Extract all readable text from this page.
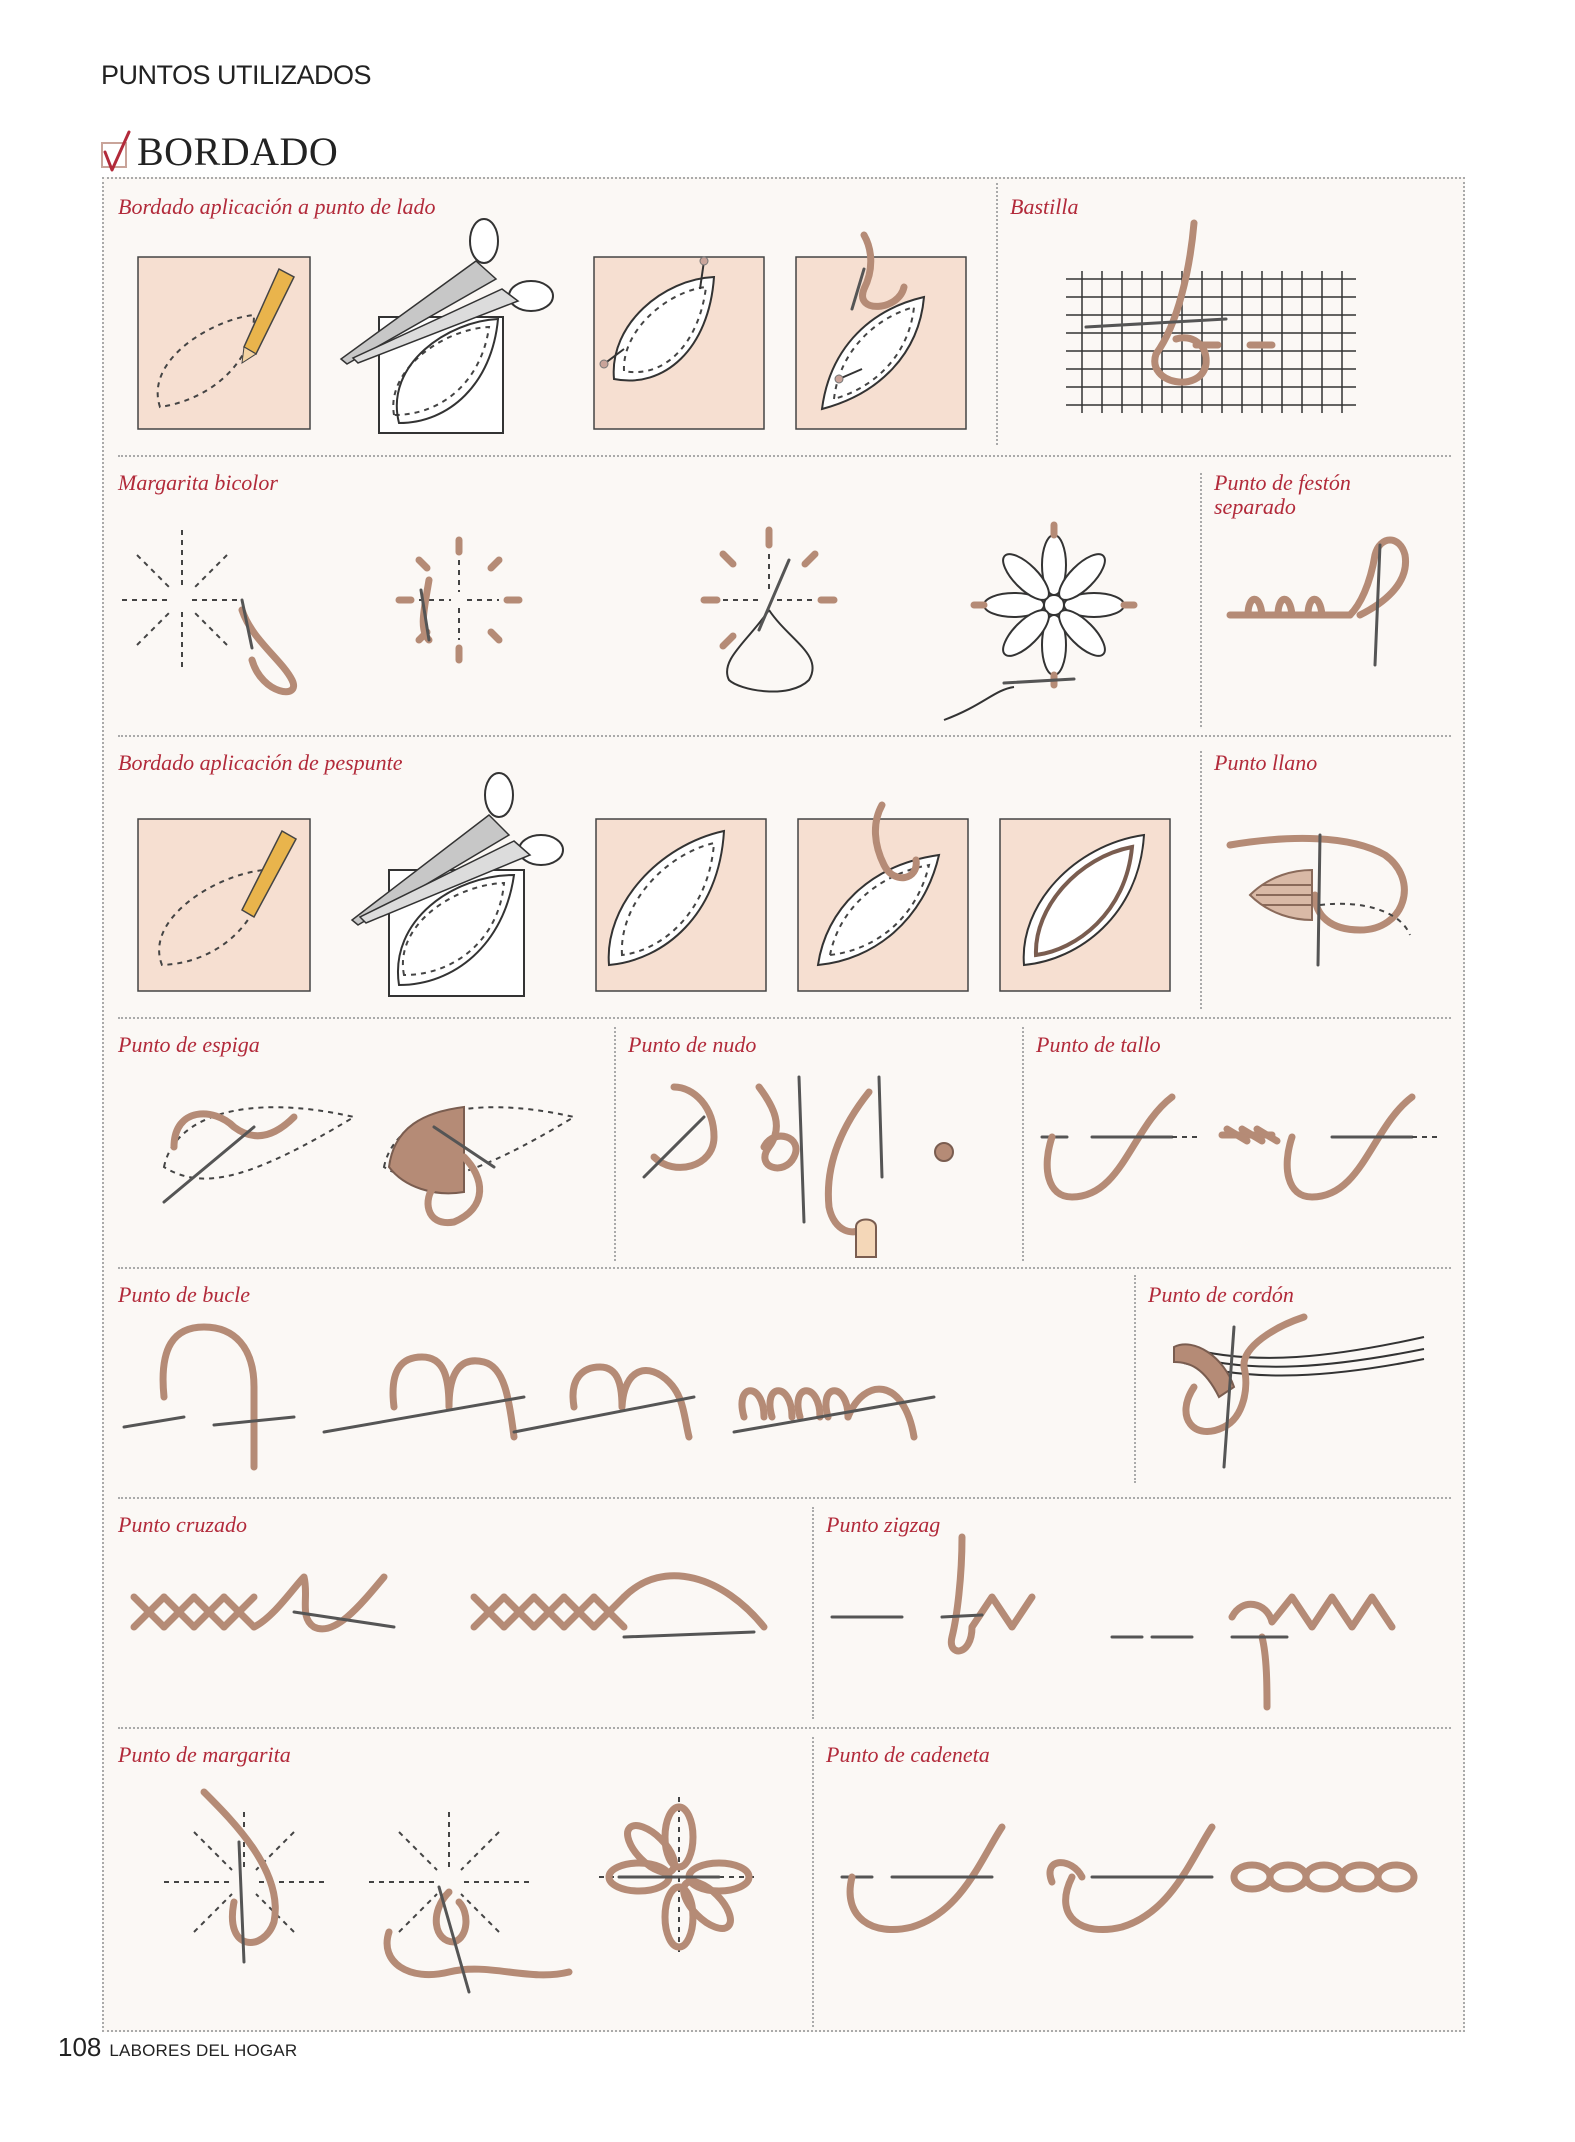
PUNTOS UTILIZADOS
BORDADO
Bordado aplicación a punto de lado	Bastilla
Margarita bicolor	Punto de festón separado
Bordado aplicación de pespunte	Punto llano
Punto de espiga	Punto de nudo	Punto de tallo
Punto de bucle	Punto de cordón
Punto cruzado	Punto zigzag
Punto de margarita	Punto de cadeneta
108 LABORES DEL HOGAR
